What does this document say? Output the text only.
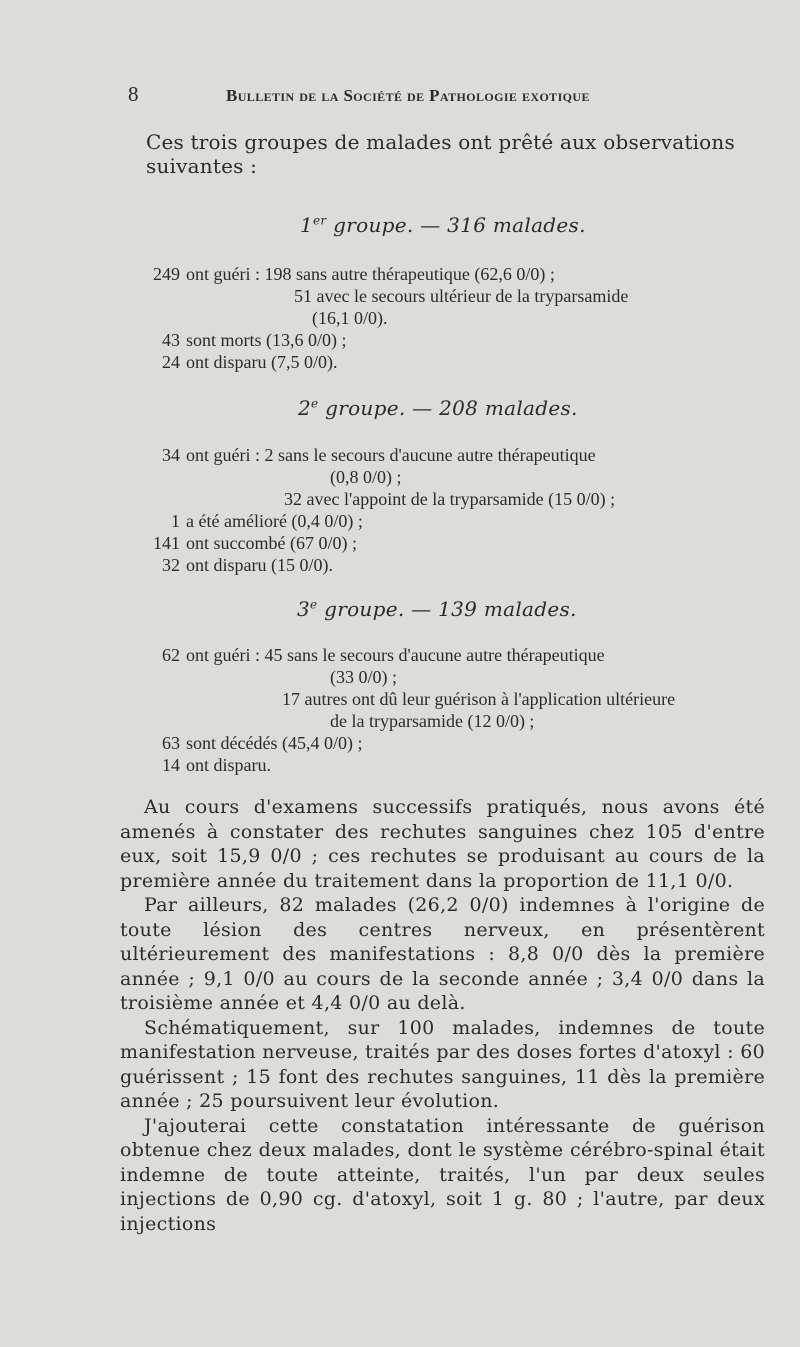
8	Bulletin de la Société de Pathologie exotique
Ces trois groupes de malades ont prêté aux observations suivantes :
1er groupe. — 316 malades.
249 ont guéri : 198 sans autre thérapeutique (62,6 0/0) ;
51 avec le secours ultérieur de la tryparsamide
(16,1 0/0).
43 sont morts (13,6 0/0) ;
24 ont disparu (7,5 0/0).
2e groupe. — 208 malades.
34 ont guéri : 2 sans le secours d'aucune autre thérapeutique
(0,8 0/0) ;
32 avec l'appoint de la tryparsamide (15 0/0) ;
1 a été amélioré (0,4 0/0) ;
141 ont succombé (67 0/0) ;
32 ont disparu (15 0/0).
3e groupe. — 139 malades.
62 ont guéri : 45 sans le secours d'aucune autre thérapeutique
(33 0/0) ;
17 autres ont dû leur guérison à l'application ultérieure
de la tryparsamide (12 0/0) ;
63 sont décédés (45,4 0/0) ;
14 ont disparu.
Au cours d'examens successifs pratiqués, nous avons été amenés à constater des rechutes sanguines chez 105 d'entre eux, soit 15,9 0/0 ; ces rechutes se produisant au cours de la première année du traitement dans la proportion de 11,1 0/0.
Par ailleurs, 82 malades (26,2 0/0) indemnes à l'origine de toute lésion des centres nerveux, en présentèrent ultérieurement des manifestations : 8,8 0/0 dès la première année ; 9,1 0/0 au cours de la seconde année ; 3,4 0/0 dans la troisième année et 4,4 0/0 au delà.
Schématiquement, sur 100 malades, indemnes de toute manifestation nerveuse, traités par des doses fortes d'atoxyl : 60 guérissent ; 15 font des rechutes sanguines, 11 dès la première année ; 25 poursuivent leur évolution.
J'ajouterai cette constatation intéressante de guérison obtenue chez deux malades, dont le système cérébro-spinal était indemne de toute atteinte, traités, l'un par deux seules injections de 0,90 cg. d'atoxyl, soit 1 g. 80 ; l'autre, par deux injections
